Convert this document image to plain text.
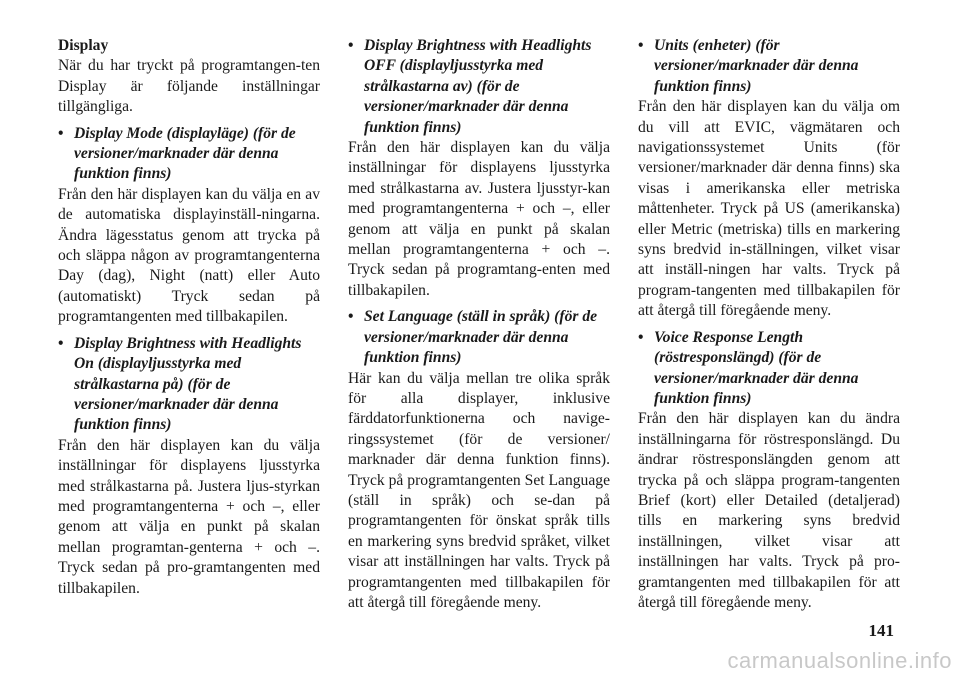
Display

När du har tryckt på programtangen-ten Display är följande inställningar tillgängliga.

• Display Mode (displayläge) (för de versioner/marknader där denna funktion finns)

Från den här displayen kan du välja en av de automatiska displayinställ-ningarna. Ändra lägesstatus genom att trycka på och släppa någon av programtangenterna Day (dag), Night (natt) eller Auto (automatiskt) Tryck sedan på programtangenten med tillbakapilen.

• Display Brightness with Headlights On (displayljusstyrka med strålkastarna på) (för de versioner/marknader där denna funktion finns)

Från den här displayen kan du välja inställningar för displayens ljusstyrka med strålkastarna på. Justera ljus-styrkan med programtangenterna + och –, eller genom att välja en punkt på skalan mellan programtan-genterna + och –. Tryck sedan på pro-gramtangenten med tillbakapilen.

• Display Brightness with Headlights OFF (displayljusstyrka med strålkastarna av) (för de versioner/marknader där denna funktion finns)

Från den här displayen kan du välja inställningar för displayens ljusstyrka med strålkastarna av. Justera ljusstyr-kan med programtangenterna + och –, eller genom att välja en punkt på skalan mellan programtangenterna + och –. Tryck sedan på programtang-enten med tillbakapilen.

• Set Language (ställ in språk) (för de versioner/marknader där denna funktion finns)

Här kan du välja mellan tre olika språk för alla displayer, inklusive färddatorfunktionerna och navige-ringssystemet (för de versioner/ marknader där denna funktion finns). Tryck på programtangenten Set Language (ställ in språk) och se-dan på programtangenten för önskat språk tills en markering syns bredvid språket, vilket visar att inställningen har valts. Tryck på programtangenten med tillbakapilen för att återgå till föregående meny.

• Units (enheter) (för versioner/marknader där denna funktion finns)

Från den här displayen kan du välja om du vill att EVIC, vägmätaren och navigationssystemet Units (för versioner/marknader där denna finns) ska visas i amerikanska eller metriska måttenheter. Tryck på US (amerikanska) eller Metric (metriska) tills en markering syns bredvid in-ställningen, vilket visar att inställ-ningen har valts. Tryck på program-tangenten med tillbakapilen för att återgå till föregående meny.

• Voice Response Length (röstresponslängd) (för de versioner/marknader där denna funktion finns)

Från den här displayen kan du ändra inställningarna för röstresponslängd. Du ändrar röstresponslängden genom att trycka på och släppa program-tangenten Brief (kort) eller Detailed (detaljerad) tills en markering syns bredvid inställningen, vilket visar att inställningen har valts. Tryck på pro-gramtangenten med tillbakapilen för att återgå till föregående meny.

141
carmanualsonline.info
